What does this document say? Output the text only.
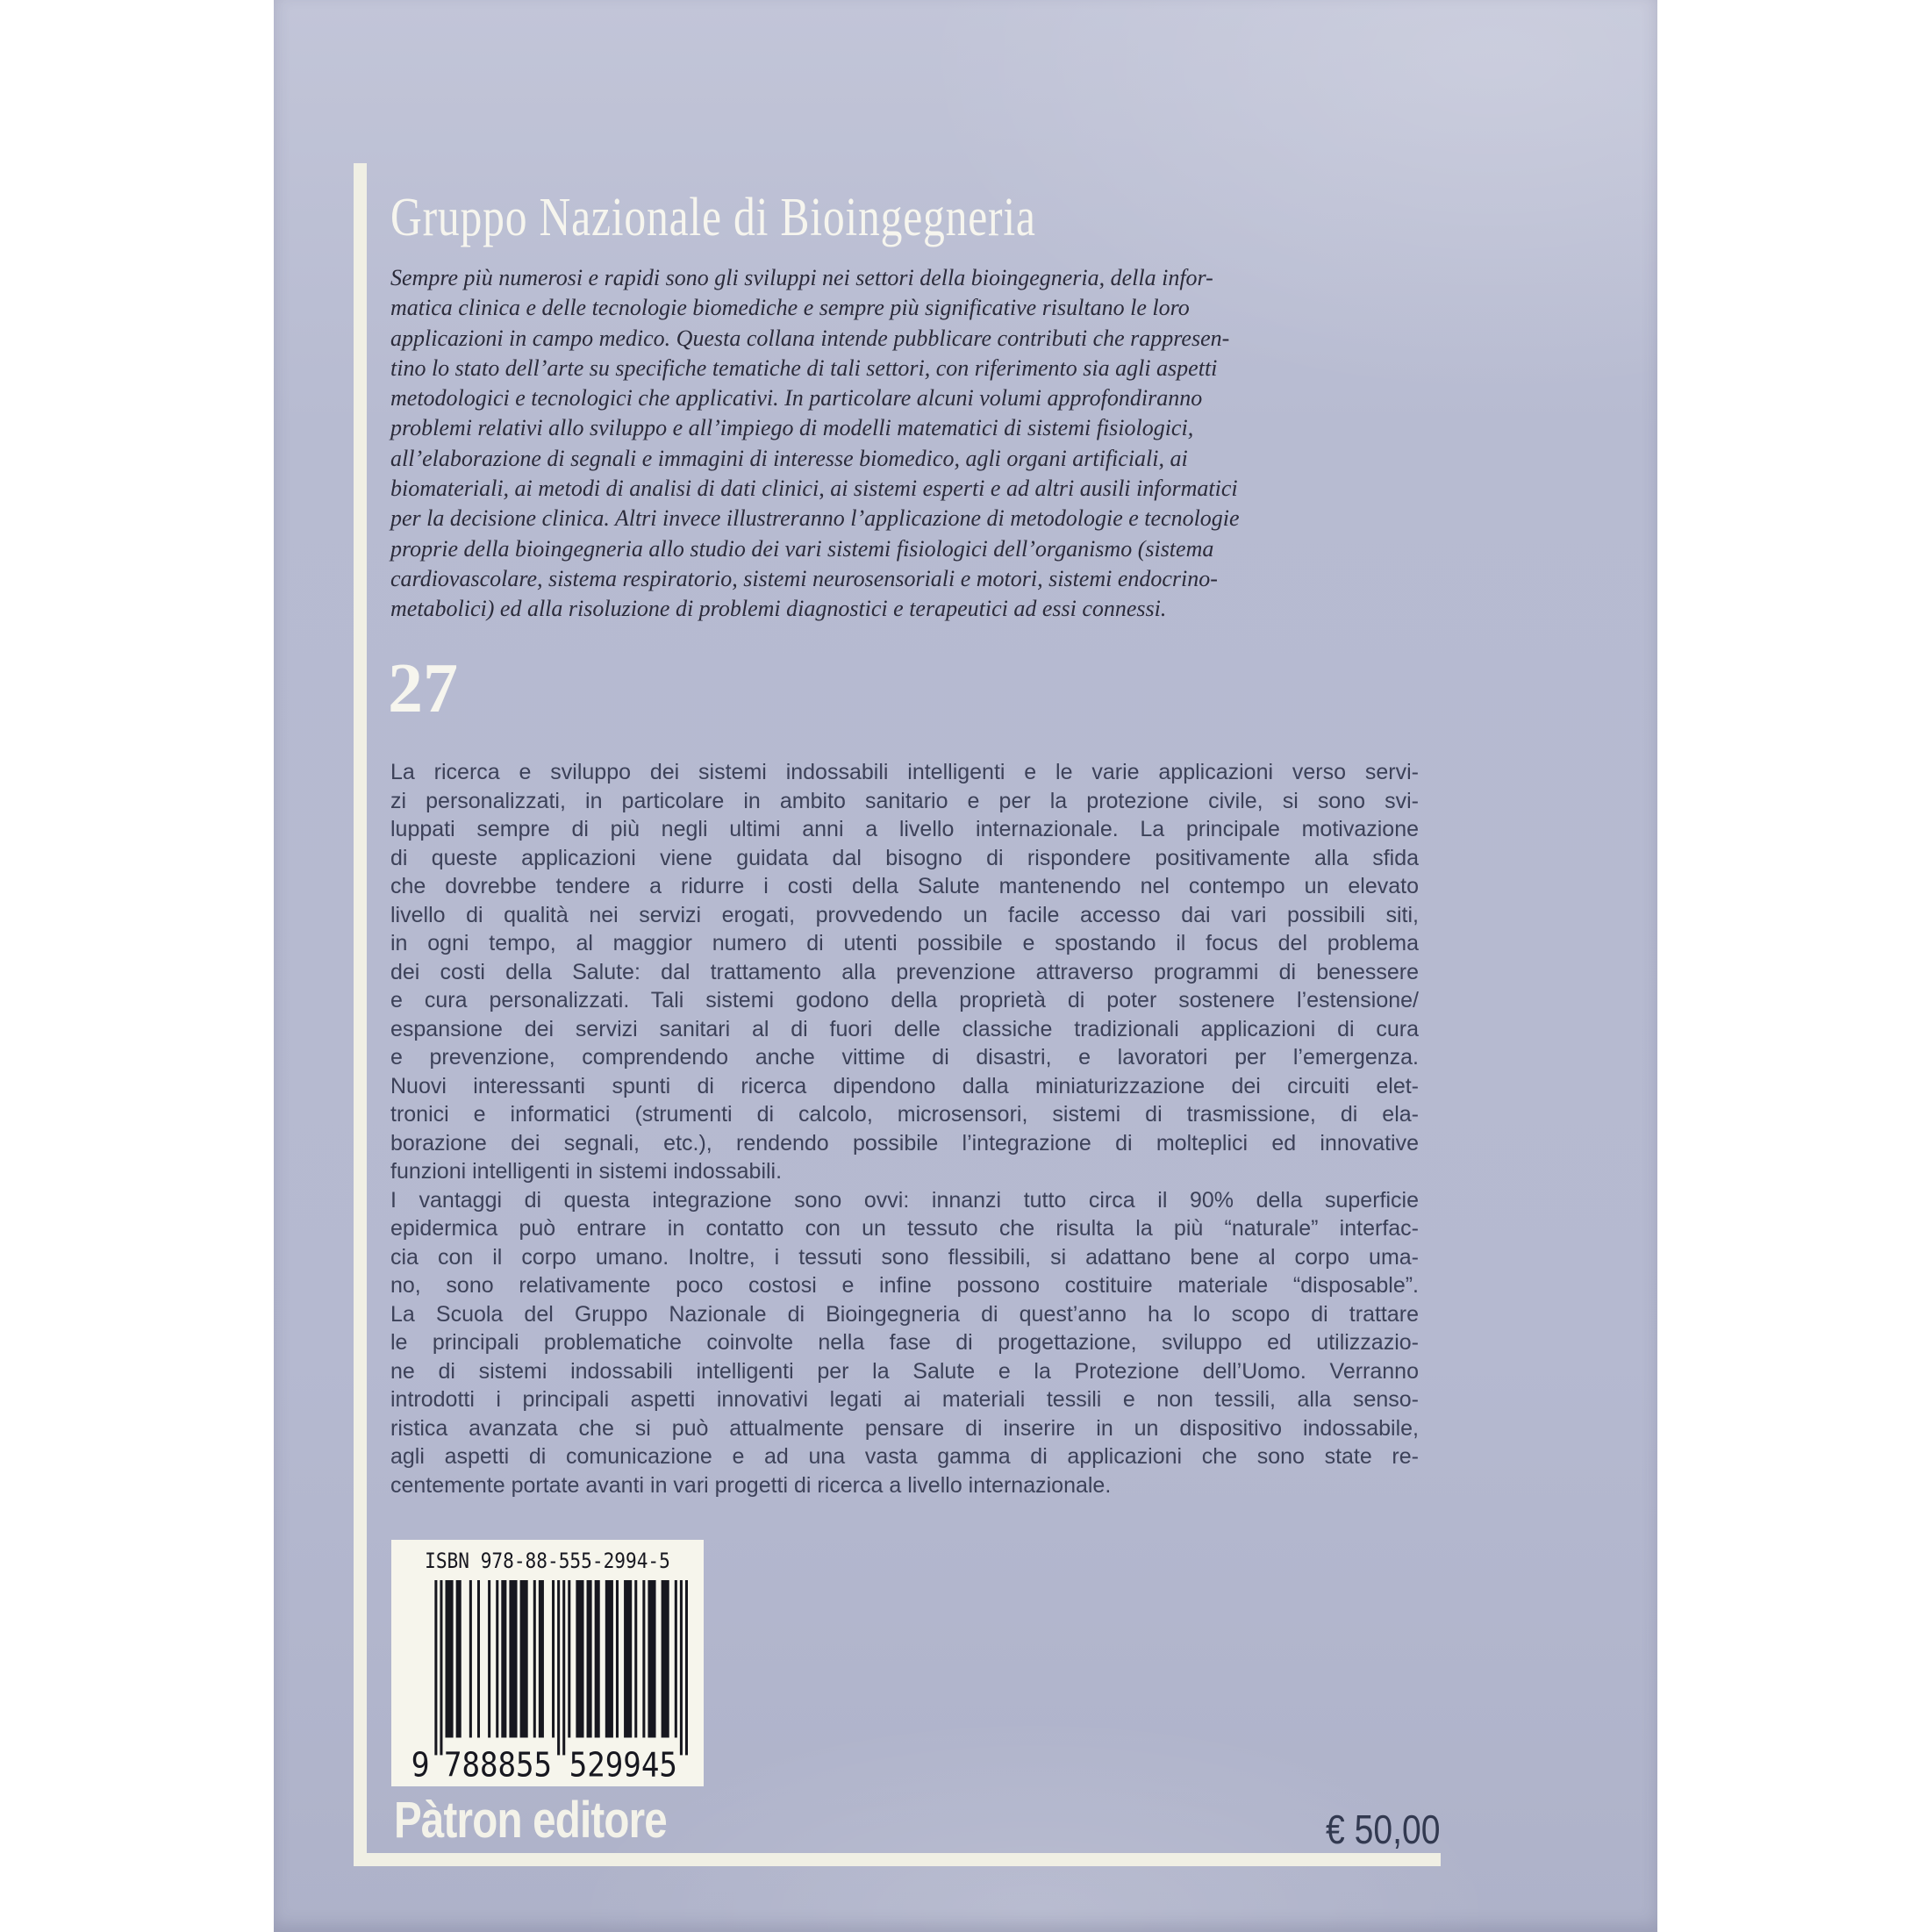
Gruppo Nazionale di Bioingegneria
Sempre più numerosi e rapidi sono gli sviluppi nei settori della bioingegneria, della infor-
matica clinica e delle tecnologie biomediche e sempre più significative risultano le loro
applicazioni in campo medico. Questa collana intende pubblicare contributi che rappresen-
tino lo stato dell’arte su specifiche tematiche di tali settori, con riferimento sia agli aspetti
metodologici e tecnologici che applicativi. In particolare alcuni volumi approfondiranno
problemi relativi allo sviluppo e all’impiego di modelli matematici di sistemi fisiologici,
all’elaborazione di segnali e immagini di interesse biomedico, agli organi artificiali, ai
biomateriali, ai metodi di analisi di dati clinici, ai sistemi esperti e ad altri ausili informatici
per la decisione clinica. Altri invece illustreranno l’applicazione di metodologie e tecnologie
proprie della bioingegneria allo studio dei vari sistemi fisiologici dell’organismo (sistema
cardiovascolare, sistema respiratorio, sistemi neurosensoriali e motori, sistemi endocrino-
metabolici) ed alla risoluzione di problemi diagnostici e terapeutici ad essi connessi.
27
La ricerca e sviluppo dei sistemi indossabili intelligenti e le varie applicazioni verso servi-
zi personalizzati, in particolare in ambito sanitario e per la protezione civile, si sono svi-
luppati sempre di più negli ultimi anni a livello internazionale. La principale motivazione
di queste applicazioni viene guidata dal bisogno di rispondere positivamente alla sfida
che dovrebbe tendere a ridurre i costi della Salute mantenendo nel contempo un elevato
livello di qualità nei servizi erogati, provvedendo un facile accesso dai vari possibili siti,
in ogni tempo, al maggior numero di utenti possibile e spostando il focus del problema
dei costi della Salute: dal trattamento alla prevenzione attraverso programmi di benessere
e cura personalizzati. Tali sistemi godono della proprietà di poter sostenere l’estensione/
espansione dei servizi sanitari al di fuori delle classiche tradizionali applicazioni di cura
e prevenzione, comprendendo anche vittime di disastri, e lavoratori per l’emergenza.
Nuovi interessanti spunti di ricerca dipendono dalla miniaturizzazione dei circuiti elet-
tronici e informatici (strumenti di calcolo, microsensori, sistemi di trasmissione, di ela-
borazione dei segnali, etc.), rendendo possibile l’integrazione di molteplici ed innovative
funzioni intelligenti in sistemi indossabili.
I vantaggi di questa integrazione sono ovvi: innanzi tutto circa il 90% della superficie
epidermica può entrare in contatto con un tessuto che risulta la più “naturale” interfac-
cia con il corpo umano. Inoltre, i tessuti sono flessibili, si adattano bene al corpo uma-
no, sono relativamente poco costosi e infine possono costituire materiale “disposable”.
La Scuola del Gruppo Nazionale di Bioingegneria di quest’anno ha lo scopo di trattare
le principali problematiche coinvolte nella fase di progettazione, sviluppo ed utilizzazio-
ne di sistemi indossabili intelligenti per la Salute e la Protezione dell’Uomo. Verranno
introdotti i principali aspetti innovativi legati ai materiali tessili e non tessili, alla senso-
ristica avanzata che si può attualmente pensare di inserire in un dispositivo indossabile,
agli aspetti di comunicazione e ad una vasta gamma di applicazioni che sono state re-
centemente portate avanti in vari progetti di ricerca a livello internazionale.
ISBN 978-88-555-2994-5
9 788855 529945
Pàtron editore	€ 50,00
